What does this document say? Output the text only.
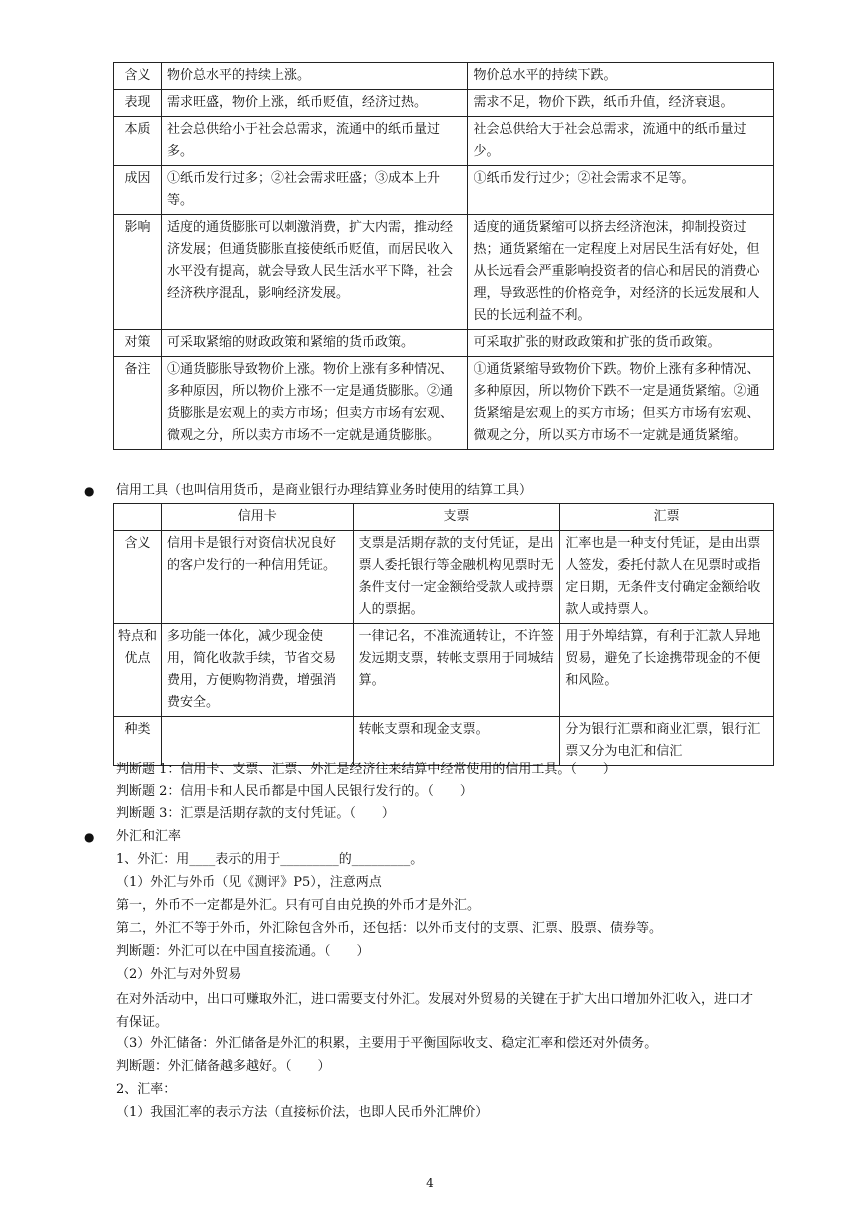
含义	物价总水平的持续上涨。	物价总水平的持续下跌。
表现	需求旺盛，物价上涨，纸币贬值，经济过热。	需求不足，物价下跌，纸币升值，经济衰退。
本质	社会总供给小于社会总需求，流通中的纸币量过多。	社会总供给大于社会总需求，流通中的纸币量过少。
成因	①纸币发行过多；②社会需求旺盛；③成本上升等。	①纸币发行过少；②社会需求不足等。
影响	适度的通货膨胀可以刺激消费，扩大内需，推动经济发展；但通货膨胀直接使纸币贬值，而居民收入水平没有提高，就会导致人民生活水平下降，社会经济秩序混乱，影响经济发展。	适度的通货紧缩可以挤去经济泡沫，抑制投资过热；通货紧缩在一定程度上对居民生活有好处，但从长远看会严重影响投资者的信心和居民的消费心理，导致恶性的价格竞争，对经济的长远发展和人民的长远利益不利。
对策	可采取紧缩的财政政策和紧缩的货币政策。	可采取扩张的财政政策和扩张的货币政策。
备注	①通货膨胀导致物价上涨。物价上涨有多种情况、多种原因，所以物价上涨不一定是通货膨胀。②通货膨胀是宏观上的卖方市场；但卖方市场有宏观、微观之分，所以卖方市场不一定就是通货膨胀。	①通货紧缩导致物价下跌。物价上涨有多种情况、多种原因，所以物价下跌不一定是通货紧缩。②通货紧缩是宏观上的买方市场；但买方市场有宏观、微观之分，所以买方市场不一定就是通货紧缩。
● 信用工具（也叫信用货币，是商业银行办理结算业务时使用的结算工具）
	信用卡	支票	汇票
含义	信用卡是银行对资信状况良好的客户发行的一种信用凭证。	支票是活期存款的支付凭证，是出票人委托银行等金融机构见票时无条件支付一定金额给受款人或持票人的票据。	汇率也是一种支付凭证，是由出票人签发，委托付款人在见票时或指定日期，无条件支付确定金额给收款人或持票人。
特点和优点	多功能一体化，减少现金使用，简化收款手续，节省交易费用，方便购物消费，增强消费安全。	一律记名，不准流通转让，不许签发远期支票，转帐支票用于同城结算。	用于外埠结算，有利于汇款人异地贸易，避免了长途携带现金的不便和风险。
种类		转帐支票和现金支票。	分为银行汇票和商业汇票，银行汇票又分为电汇和信汇
判断题 1：信用卡、支票、汇票、外汇是经济往来结算中经常使用的信用工具。（　　）
判断题 2：信用卡和人民币都是中国人民银行发行的。（　　）
判断题 3：汇票是活期存款的支付凭证。（　　）
● 外汇和汇率
1、外汇：用____表示的用于_________的_________。
（1）外汇与外币（见《测评》P5），注意两点
第一，外币不一定都是外汇。只有可自由兑换的外币才是外汇。
第二，外汇不等于外币，外汇除包含外币，还包括：以外币支付的支票、汇票、股票、债券等。
判断题：外汇可以在中国直接流通。（　　）
（2）外汇与对外贸易
在对外活动中，出口可赚取外汇，进口需要支付外汇。发展对外贸易的关键在于扩大出口增加外汇收入，进口才有保证。
（3）外汇储备：外汇储备是外汇的积累，主要用于平衡国际收支、稳定汇率和偿还对外债务。
判断题：外汇储备越多越好。（　　）
2、汇率：
（1）我国汇率的表示方法（直接标价法，也即人民币外汇牌价）
4
